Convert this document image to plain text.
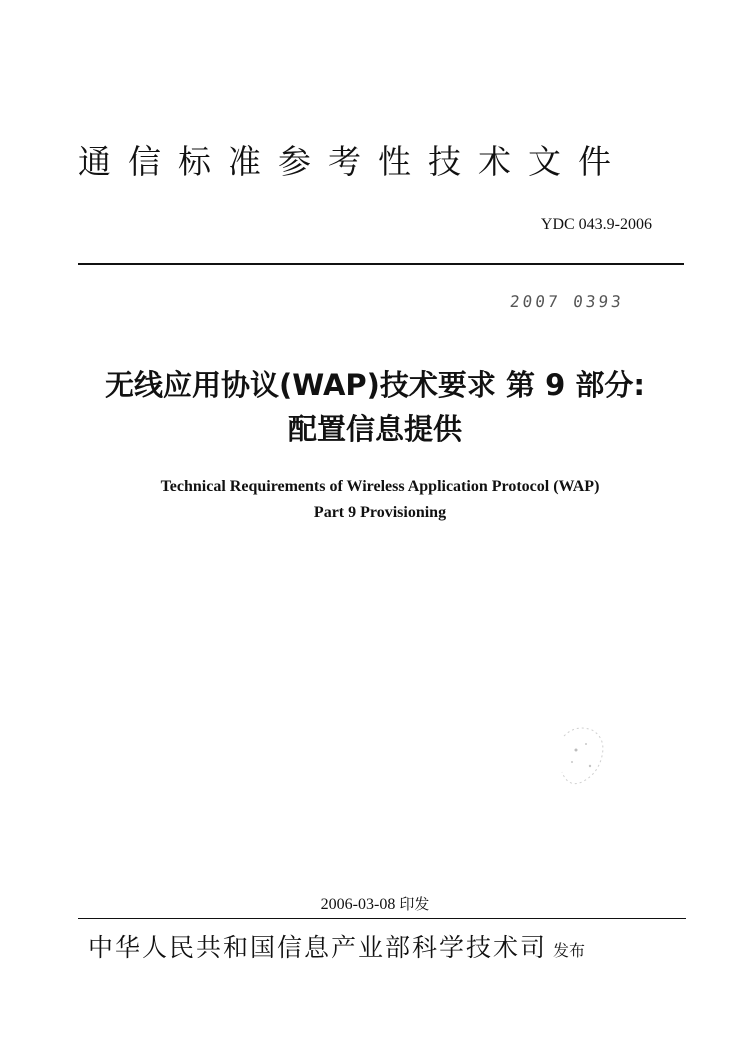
通信标准参考性技术文件
YDC 043.9-2006
2007 0393
无线应用协议(WAP)技术要求 第 9 部分:
配置信息提供
Technical Requirements of Wireless Application Protocol (WAP)
Part 9 Provisioning
2006-03-08 印发
中华人民共和国信息产业部科学技术司 发布
